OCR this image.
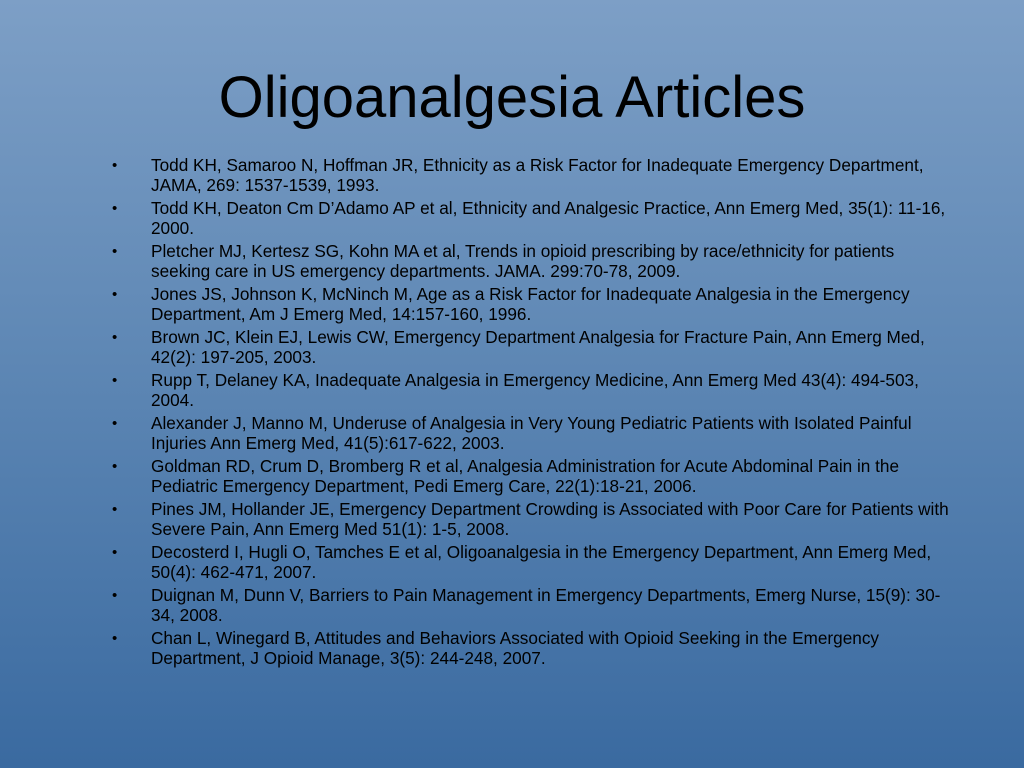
Oligoanalgesia Articles
• Todd KH, Samaroo N, Hoffman JR, Ethnicity as a Risk Factor for Inadequate Emergency Department, JAMA, 269: 1537-1539, 1993.
• Todd KH, Deaton Cm D’Adamo AP et al, Ethnicity and Analgesic Practice, Ann Emerg Med, 35(1): 11-16, 2000.
• Pletcher MJ, Kertesz SG, Kohn MA et al, Trends in opioid prescribing by race/ethnicity for patients seeking care in US emergency departments. JAMA. 299:70-78, 2009.
• Jones JS, Johnson K, McNinch M, Age as a Risk Factor for Inadequate Analgesia in the Emergency Department, Am J Emerg Med, 14:157-160, 1996.
• Brown JC, Klein EJ, Lewis CW, Emergency Department Analgesia for Fracture Pain, Ann Emerg Med, 42(2): 197-205, 2003.
• Rupp T, Delaney KA, Inadequate Analgesia in Emergency Medicine, Ann Emerg Med 43(4): 494-503, 2004.
• Alexander J, Manno M, Underuse of Analgesia in Very Young Pediatric Patients with Isolated Painful Injuries Ann Emerg Med, 41(5):617-622, 2003.
• Goldman RD, Crum D, Bromberg R et al, Analgesia Administration for Acute Abdominal Pain in the Pediatric Emergency Department, Pedi Emerg Care, 22(1):18-21, 2006.
• Pines JM, Hollander JE, Emergency Department Crowding is Associated with Poor Care for Patients with Severe Pain, Ann Emerg Med 51(1): 1-5, 2008.
• Decosterd I, Hugli O, Tamches E et al, Oligoanalgesia in the Emergency Department, Ann Emerg Med, 50(4): 462-471, 2007.
• Duignan M, Dunn V, Barriers to Pain Management in Emergency Departments, Emerg Nurse, 15(9): 30-34, 2008.
• Chan L, Winegard B, Attitudes and Behaviors Associated with Opioid Seeking in the Emergency Department, J Opioid Manage, 3(5): 244-248, 2007.
